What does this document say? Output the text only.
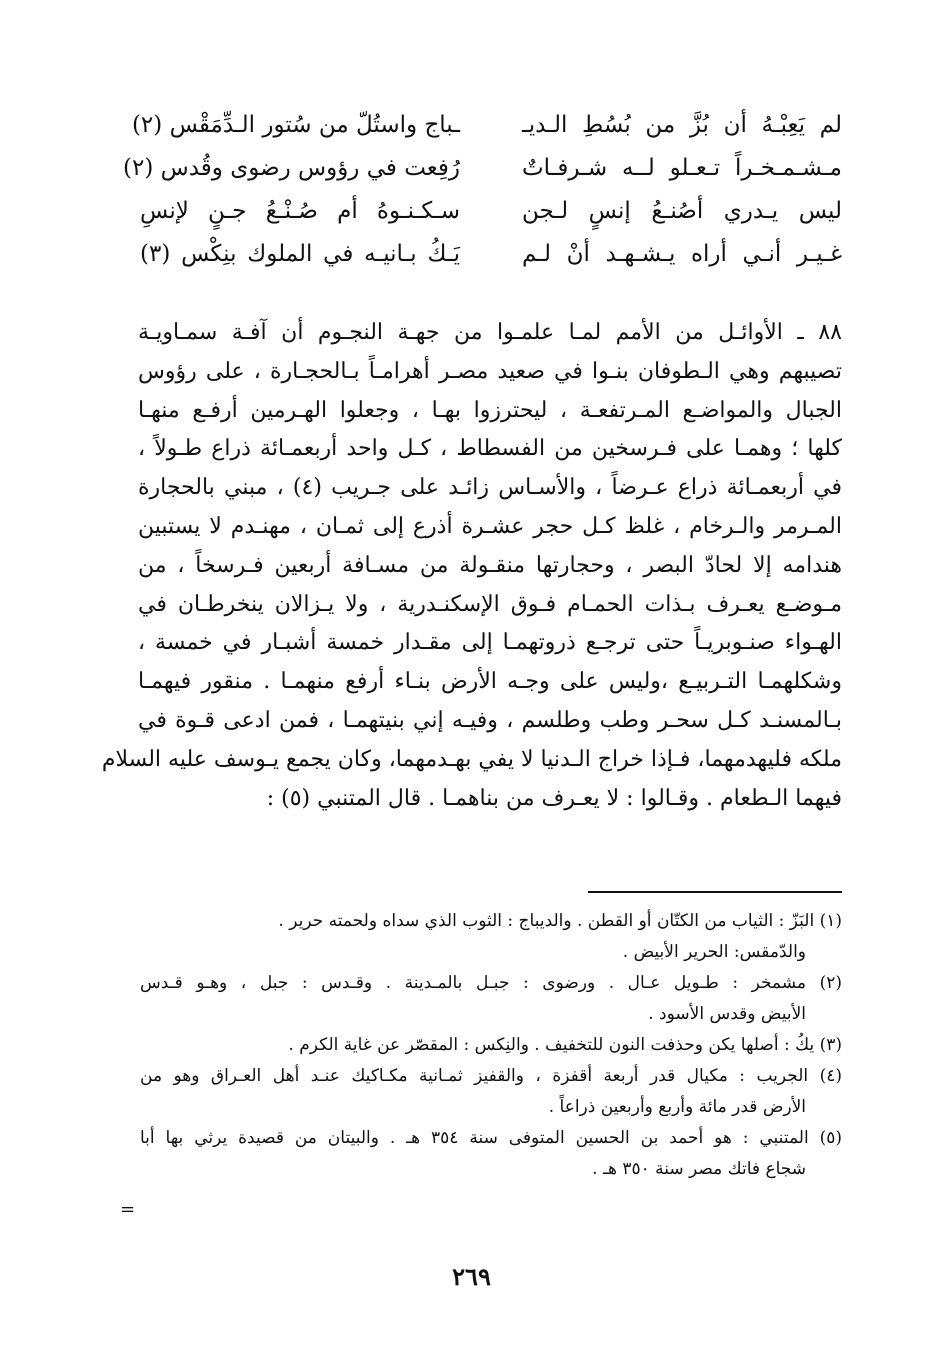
لم يَعِبْـهُ أن بُزَّ من بُسُطِ الـديـ
ـباج واستُلّ من سُتور الـدِّمَقْس (٢)
مـشـمـخـراً تـعـلو لــه شـرفـاتٌ
رُفِعت في رؤوس رضوى وقُدس (٢)
ليس يـدري أصُنـعُ إنسٍ لـجن
سـكـنـوهُ أم صُـنْـعُ جـنٍ لإنسِ
غـيـر أنـي أراه يـشـهـد أنْ لـم
يَـكُ بـانيـه في الملوك بنِكْس (٣)
٨٨ ـ الأوائـل من الأمم لمـا علمـوا من جهـة النجـوم أن آفـة سمـاويـة
تصيبهم وهي الـطوفان بنـوا في صعيد مصـر أهرامـاً بـالحجـارة ، على رؤوس
الجبال والمواضـع المـرتفعـة ، ليحترزوا بهـا ، وجعلوا الهـرمين أرفـع منهـا
كلها ؛ وهمـا على فـرسخين من الفسطاط ، كـل واحد أربعمـائة ذراع طـولاً ،
في أربعمـائة ذراع عـرضاً ، والأسـاس زائـد على جـريب (٤) ، مبني بالحجارة
المـرمر والـرخام ، غلظ كـل حجر عشـرة أذرع إلى ثمـان ، مهنـدم لا يستبين
هندامه إلا لحادّ البصر ، وحجارتها منقـولة من مسـافة أربعين فـرسخاً ، من
مـوضـع يعـرف بـذات الحمـام فـوق الإسكنـدرية ، ولا يـزالان ينخرطـان في
الهـواء صنـوبريـاً حتى ترجـع ذروتهمـا إلى مقـدار خمسة أشبـار في خمسة ،
وشكلهمـا التـربيـع ،وليس على وجـه الأرض بنـاء أرفع منهمـا . منقور فيهمـا
بـالمسنـد كـل سحـر وطب وطلسم ، وفيـه إني بنيتهمـا ، فمن ادعى قـوة في
ملكه فليهدمهما، فـإذا خراج الـدنيا لا يفي بهـدمهما، وكان يجمع يـوسف عليه السلام
فيهما الـطعام . وقـالوا : لا يعـرف من بناهمـا . قال المتنبي (٥) :
(١) البَزّ : الثياب من الكتّان أو القطن . والديباج : الثوب الذي سداه ولحمته حرير .
والدّمقس: الحرير الأبيض .
(٢) مشمخر : طـويل عـال . ورضوى : جبـل بالمـدينة . وقـدس : جبل ، وهـو قـدس
الأبيض وقدس الأسود .
(٣) يكُ : أصلها يكن وحذفت النون للتخفيف . والنِكس : المقصّر عن غاية الكرم .
(٤) الجريب : مكيال قدر أربعة أقفزة ، والقفيز ثمـانية مكـاكيك عنـد أهل العـراق وهو من
الأرض قدر مائة وأربع وأربعين ذراعاً .
(٥) المتنبي : هو أحمد بن الحسين المتوفى سنة ٣٥٤ هـ . والبيتان من قصيدة يرثي بها أبا
شجاع فاتك مصر سنة ٣٥٠ هـ .
=
٢٦٩
